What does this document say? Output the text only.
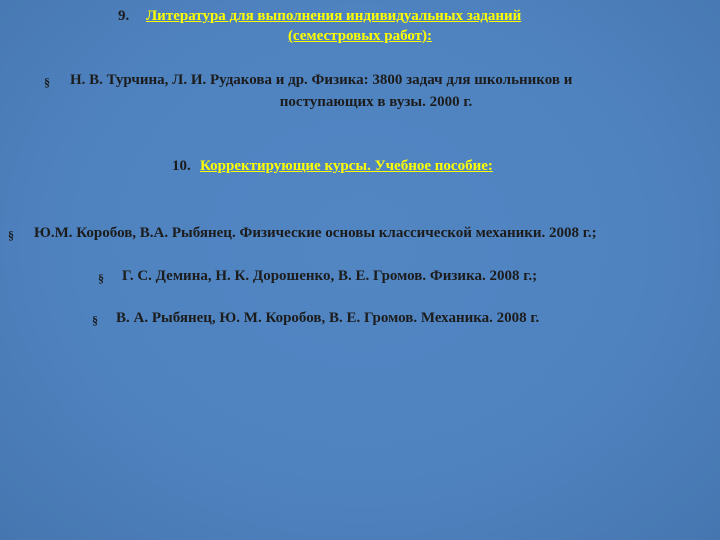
9. Литература для выполнения индивидуальных заданий
(семестровых работ):
§ Н. В. Турчина, Л. И. Рудакова и др. Физика: 3800 задач для школьников и
поступающих в вузы. 2000 г.
10. Корректирующие курсы. Учебное пособие:
§ Ю.М. Коробов, В.А. Рыбянец. Физические основы классической механики. 2008 г.;
§ Г. С. Демина, Н. К. Дорошенко, В. Е. Громов. Физика. 2008 г.;
§ В. А. Рыбянец, Ю. М. Коробов, В. Е. Громов. Механика. 2008 г.
